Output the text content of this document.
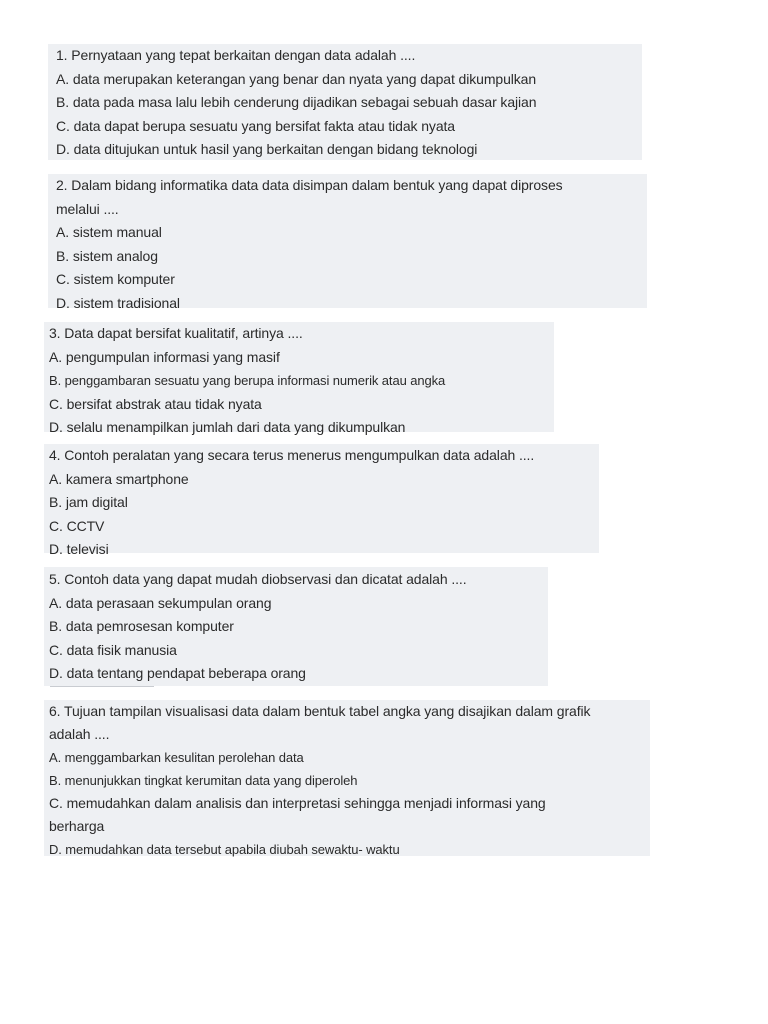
1. Pernyataan yang tepat berkaitan dengan data adalah ....
A. data merupakan keterangan yang benar dan nyata yang dapat dikumpulkan
B. data pada masa lalu lebih cenderung dijadikan sebagai sebuah dasar kajian
C. data dapat berupa sesuatu yang bersifat fakta atau tidak nyata
D. data ditujukan untuk hasil yang berkaitan dengan bidang teknologi
2. Dalam bidang informatika data data disimpan dalam bentuk yang dapat diproses
melalui ....
A. sistem manual
B. sistem analog
C. sistem komputer
D. sistem tradisional
3. Data dapat bersifat kualitatif, artinya ....
A. pengumpulan informasi yang masif
B. penggambaran sesuatu yang berupa informasi numerik atau angka
C. bersifat abstrak atau tidak nyata
D. selalu menampilkan jumlah dari data yang dikumpulkan
4. Contoh peralatan yang secara terus menerus mengumpulkan data adalah ....
A. kamera smartphone
B. jam digital
C. CCTV
D. televisi
5. Contoh data yang dapat mudah diobservasi dan dicatat adalah ....
A. data perasaan sekumpulan orang
B. data pemrosesan komputer
C. data fisik manusia
D. data tentang pendapat beberapa orang
6. Tujuan tampilan visualisasi data dalam bentuk tabel angka yang disajikan dalam grafik
adalah ....
A. menggambarkan kesulitan perolehan data
B. menunjukkan tingkat kerumitan data yang diperoleh
C. memudahkan dalam analisis dan interpretasi sehingga menjadi informasi yang
berharga
D. memudahkan data tersebut apabila diubah sewaktu- waktu
